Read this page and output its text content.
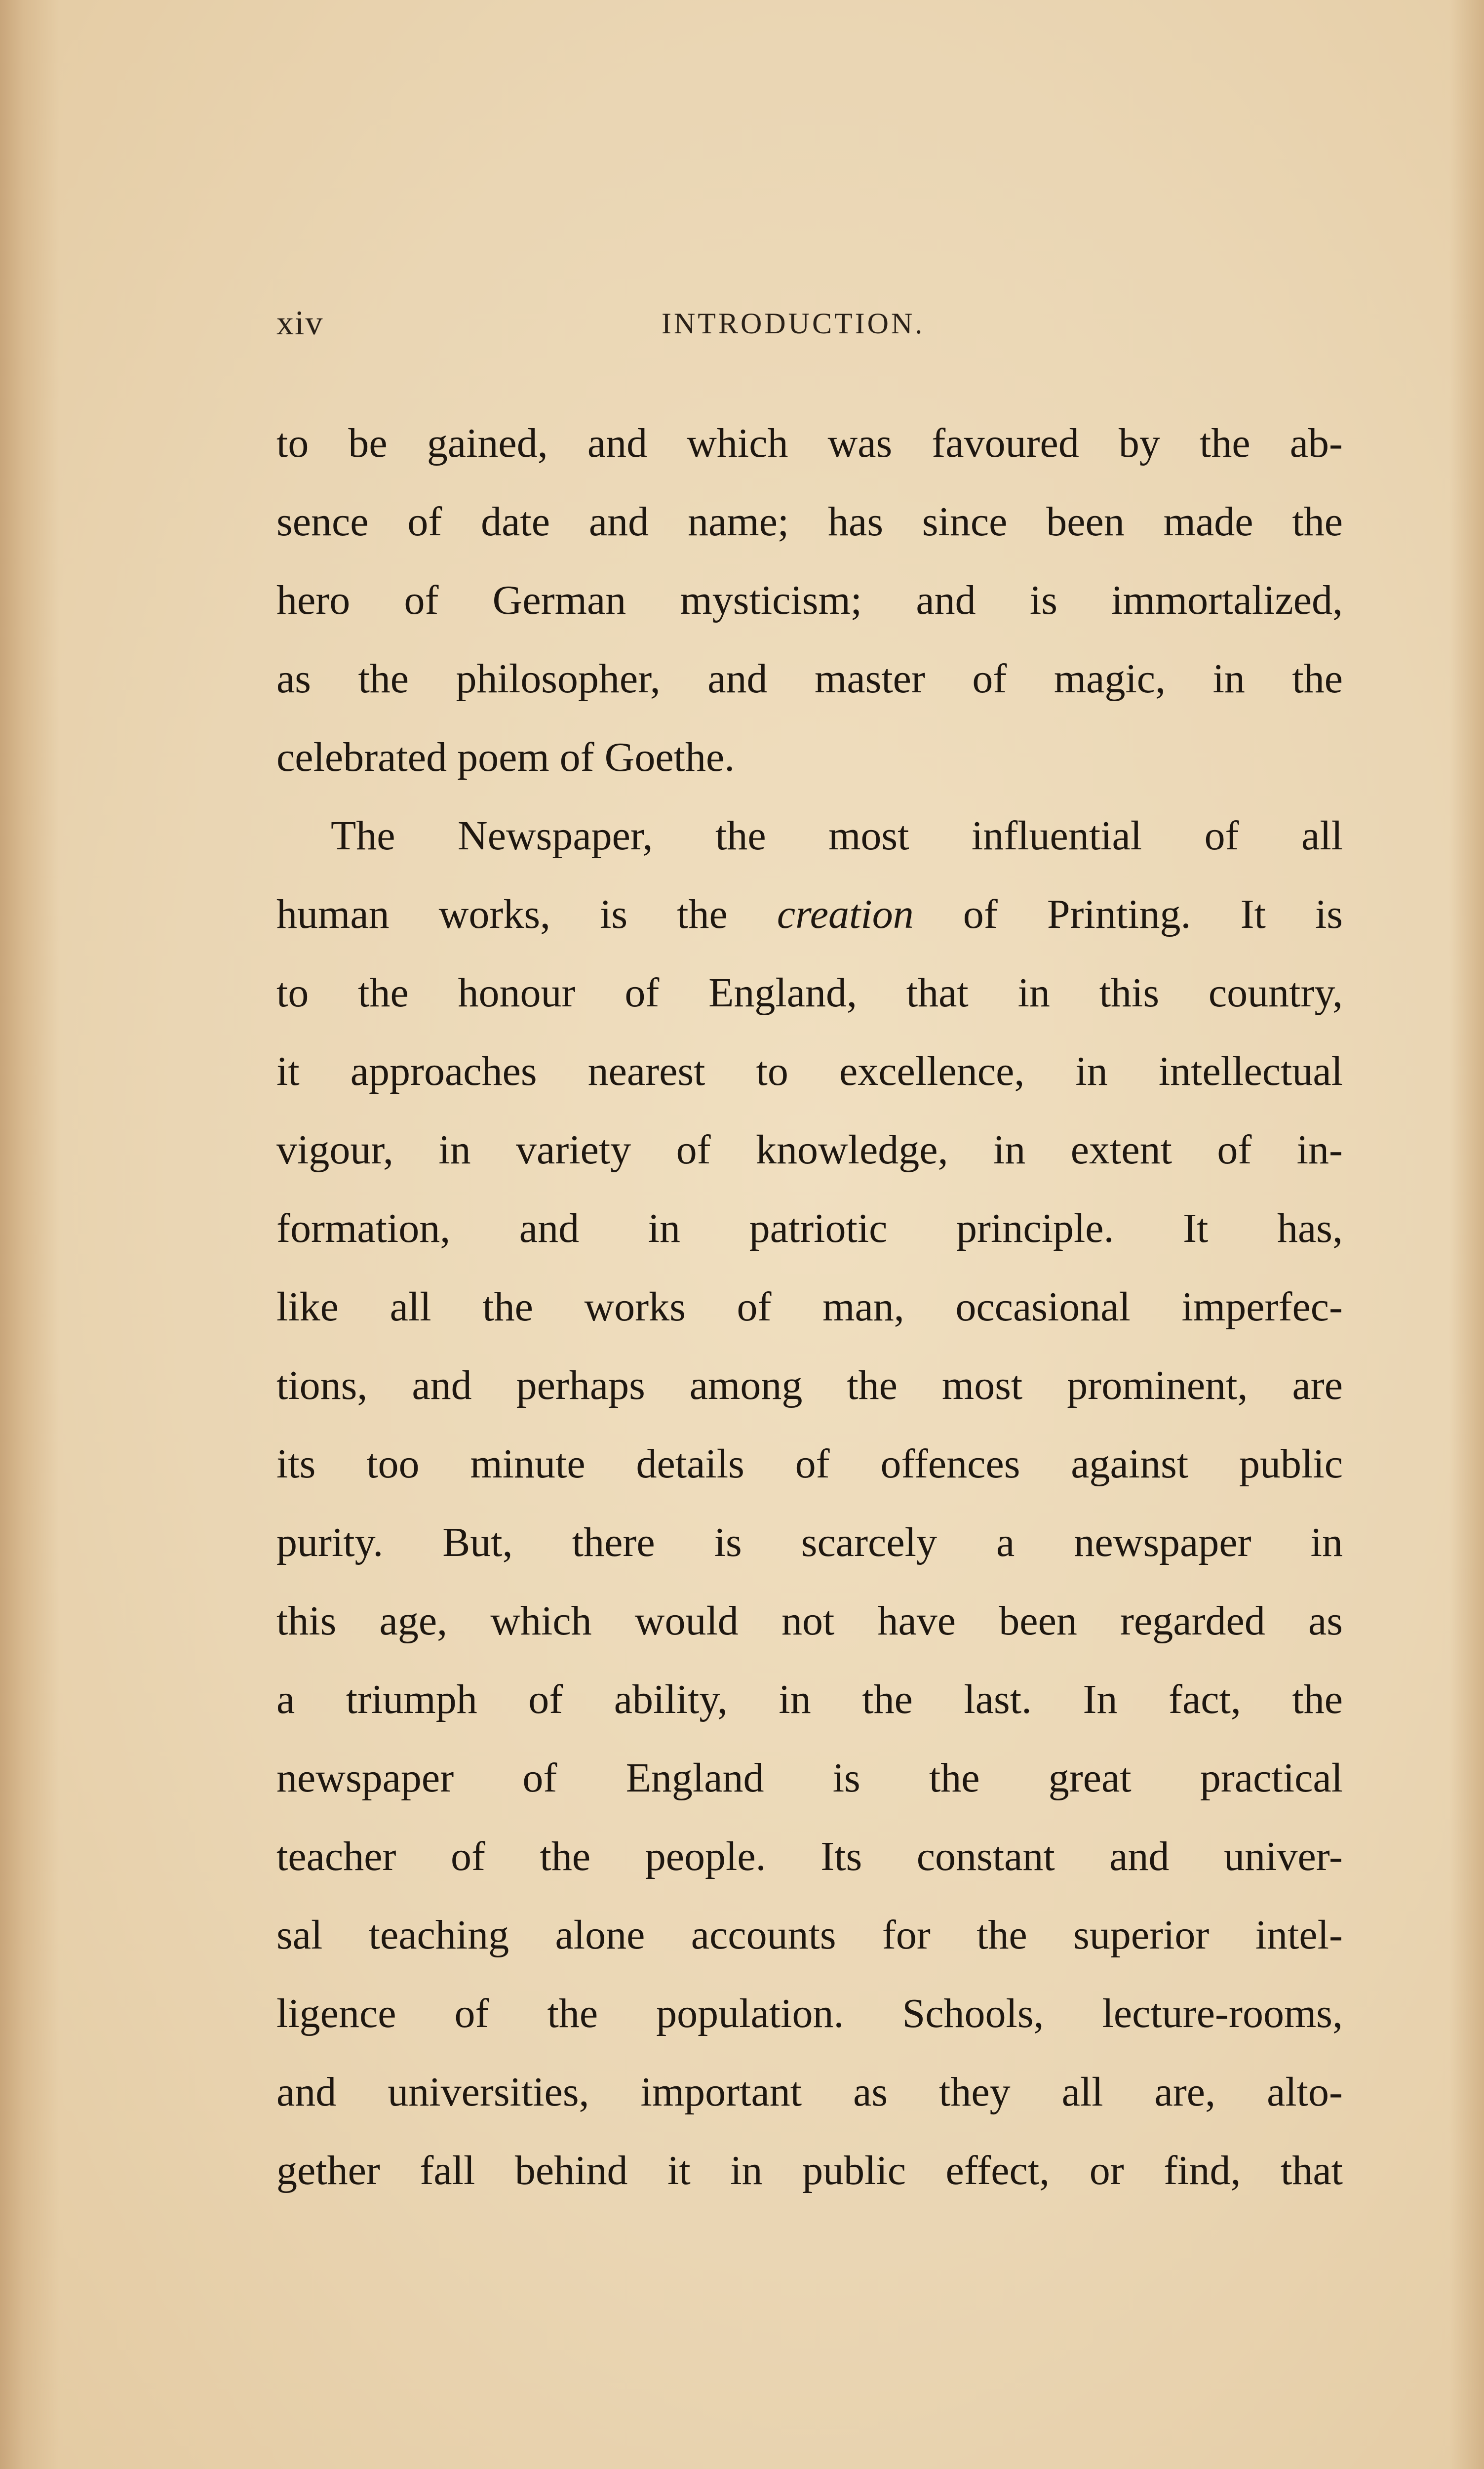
xiv	INTRODUCTION.
to be gained, and which was favoured by the ab-
sence of date and name; has since been made the
hero of German mysticism; and is immortalized,
as the philosopher, and master of magic, in the
celebrated poem of Goethe.
The Newspaper, the most influential of all
human works, is the creation of Printing. It is
to the honour of England, that in this country,
it approaches nearest to excellence, in intellectual
vigour, in variety of knowledge, in extent of in-
formation, and in patriotic principle. It has,
like all the works of man, occasional imperfec-
tions, and perhaps among the most prominent, are
its too minute details of offences against public
purity. But, there is scarcely a newspaper in
this age, which would not have been regarded as
a triumph of ability, in the last. In fact, the
newspaper of England is the great practical
teacher of the people. Its constant and univer-
sal teaching alone accounts for the superior intel-
ligence of the population. Schools, lecture-rooms,
and universities, important as they all are, alto-
gether fall behind it in public effect, or find, that
